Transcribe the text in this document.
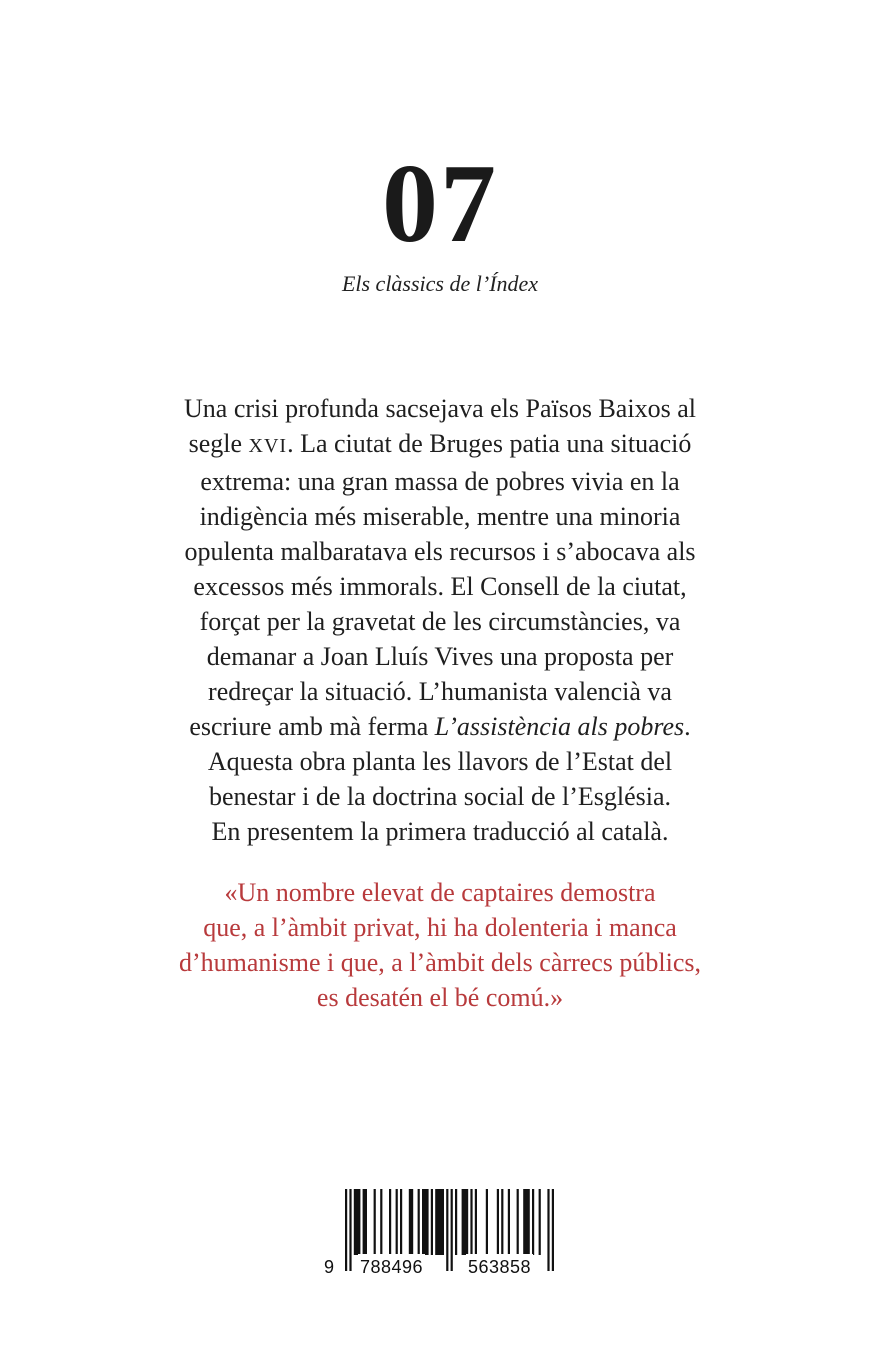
07
Els clàssics de l’Índex
Una crisi profunda sacsejava els Països Baixos al
segle XVI. La ciutat de Bruges patia una situació
extrema: una gran massa de pobres vivia en la
indigència més miserable, mentre una minoria
opulenta malbaratava els recursos i s’abocava als
excessos més immorals. El Consell de la ciutat,
forçat per la gravetat de les circumstàncies, va
demanar a Joan Lluís Vives una proposta per
redreçar la situació. L’humanista valencià va
escriure amb mà ferma L’assistència als pobres.
Aquesta obra planta les llavors de l’Estat del
benestar i de la doctrina social de l’Església.
En presentem la primera traducció al català.
«Un nombre elevat de captaires demostra
que, a l’àmbit privat, hi ha dolenteria i manca
d’humanisme i que, a l’àmbit dels càrrecs públics,
es desatén el bé comú.»
9 788496 563858
